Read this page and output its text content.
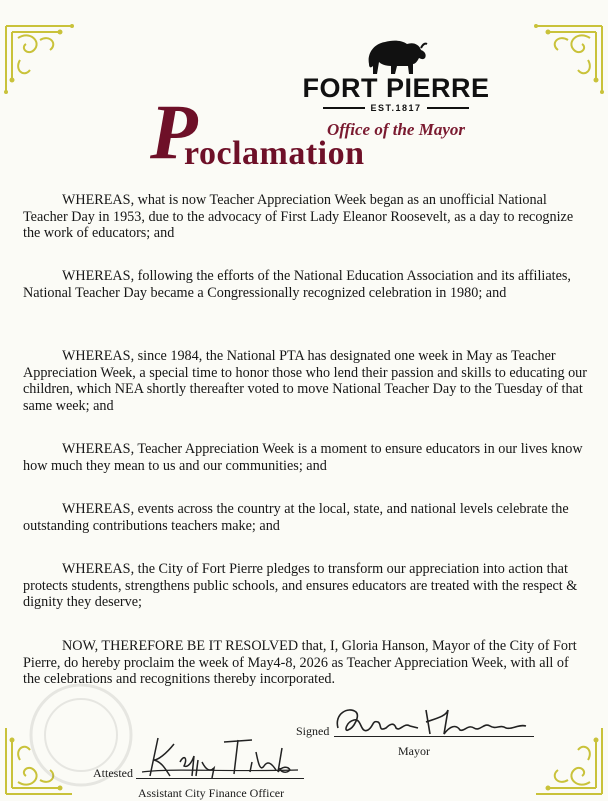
FORT PIERRE
EST.1817
Office of the Mayor
P
roclamation

WHEREAS, what is now Teacher Appreciation Week began as an unofficial National Teacher Day in 1953, due to the advocacy of First Lady Eleanor Roosevelt, as a day to recognize the work of educators; and

WHEREAS, following the efforts of the National Education Association and its affiliates, National Teacher Day became a Congressionally recognized celebration in 1980; and

WHEREAS, since 1984, the National PTA has designated one week in May as Teacher Appreciation Week, a special time to honor those who lend their passion and skills to educating our children, which NEA shortly thereafter voted to move National Teacher Day to the Tuesday of that same week; and

WHEREAS, Teacher Appreciation Week is a moment to ensure educators in our lives know how much they mean to us and our communities; and

WHEREAS, events across the country at the local, state, and national levels celebrate the outstanding contributions teachers make; and

WHEREAS, the City of Fort Pierre pledges to transform our appreciation into action that protects students, strengthens public schools, and ensures educators are treated with the respect & dignity they deserve;

NOW, THEREFORE BE IT RESOLVED that, I, Gloria Hanson, Mayor of the City of Fort Pierre, do hereby proclaim the week of May4-8, 2026 as Teacher Appreciation Week, with all of the celebrations and recognitions thereby incorporated.

Signed
Mayor
Attested
Assistant City Finance Officer
